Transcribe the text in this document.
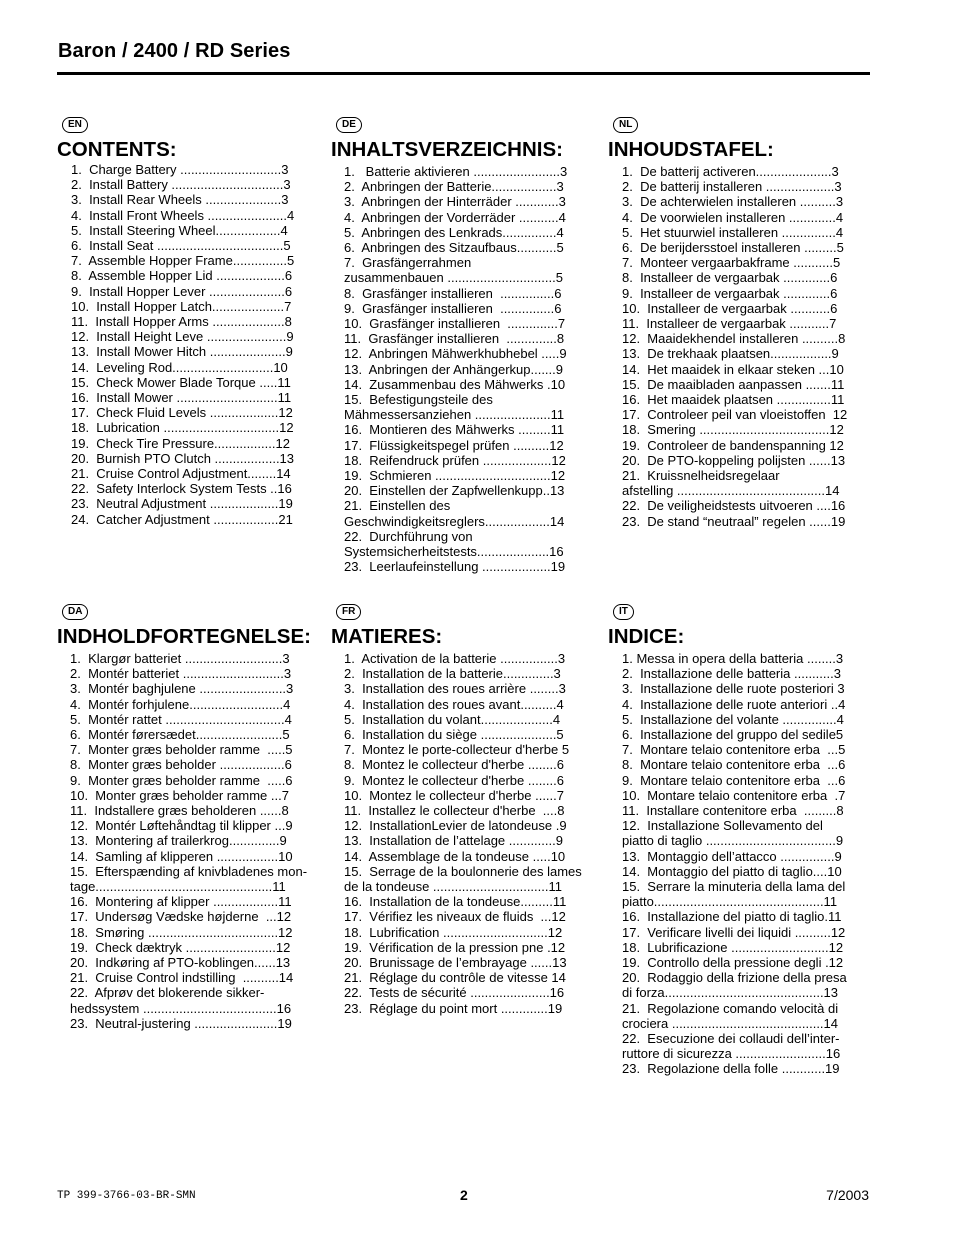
Baron / 2400 / RD Series
EN
CONTENTS:
1.  Charge Battery ............................3
2.  Install Battery ...............................3
3.  Install Rear Wheels .....................3
4.  Install Front Wheels ......................4
5.  Install Steering Wheel..................4
6.  Install Seat ...................................5
7.  Assemble Hopper Frame...............5
8.  Assemble Hopper Lid ...................6
9.  Install Hopper Lever .....................6
10.  Install Hopper Latch....................7
11.  Install Hopper Arms ....................8
12.  Install Height Leve ......................9
13.  Install Mower Hitch .....................9
14.  Leveling Rod............................10
15.  Check Mower Blade Torque .....11
16.  Install Mower ............................11
17.  Check Fluid Levels ...................12
18.  Lubrication ................................12
19.  Check Tire Pressure.................12
20.  Burnish PTO Clutch ..................13
21.  Cruise Control Adjustment........14
22.  Safety Interlock System Tests ..16
23.  Neutral Adjustment ...................19
24.  Catcher Adjustment ..................21
DE
INHALTSVERZEICHNIS:
1.   Batterie aktivieren ........................3
2.  Anbringen der Batterie..................3
3.  Anbringen der Hinterräder ............3
4.  Anbringen der Vorderräder ...........4
5.  Anbringen des Lenkrads...............4
6.  Anbringen des Sitzaufbaus...........5
7.  Grasfängerrahmen
zusammenbauen ..............................5
8.  Grasfänger installieren  ...............6
9.  Grasfänger installieren  ...............6
10.  Grasfänger installieren  ..............7
11.  Grasfänger installieren  ..............8
12.  Anbringen Mähwerkhubhebel .....9
13.  Anbringen der Anhängerkup.......9
14.  Zusammenbau des Mähwerks .10
15.  Befestigungsteile des
Mähmessersanziehen .....................11
16.  Montieren des Mähwerks .........11
17.  Flüssigkeitspegel prüfen ..........12
18.  Reifendruck prüfen ...................12
19.  Schmieren ................................12
20.  Einstellen der Zapfwellenkupp..13
21.  Einstellen des
Geschwindigkeitsreglers..................14
22.  Durchführung von
Systemsicherheitstests....................16
23.  Leerlaufeinstellung ...................19
NL
INHOUDSTAFEL:
1.  De batterij activeren.....................3
2.  De batterij installeren ...................3
3.  De achterwielen installeren ..........3
4.  De voorwielen installeren .............4
5.  Het stuurwiel installeren ...............4
6.  De berijdersstoel installeren .........5
7.  Monteer vergaarbakframe ...........5
8.  Installeer de vergaarbak .............6
9.  Installeer de vergaarbak .............6
10.  Installeer de vergaarbak ...........6
11.  Installeer de vergaarbak ...........7
12.  Maaidekhendel installeren ..........8
13.  De trekhaak plaatsen.................9
14.  Het maaidek in elkaar steken ...10
15.  De maaibladen aanpassen .......11
16.  Het maaidek plaatsen ...............11
17.  Controleer peil van vloeistoffen  12
18.  Smering ....................................12
19.  Controleer de bandenspanning 12
20.  De PTO-koppeling polijsten ......13
21.  Kruissnelheidsregelaar
afstelling .........................................14
22.  De veiligheidstests uitvoeren ....16
23.  De stand “neutraal” regelen ......19
DA
INDHOLDFORTEGNELSE:
1.  Klargør batteriet ...........................3
2.  Montér batteriet ............................3
3.  Montér baghjulene ........................3
4.  Montér forhjulene..........................4
5.  Montér rattet .................................4
6.  Montér førersædet........................5
7.  Monter græs beholder ramme  .....5
8.  Monter græs beholder ..................6
9.  Monter græs beholder ramme  .....6
10.  Monter græs beholder ramme ...7
11.  Indstallere græs beholderen ......8
12.  Montér Løftehåndtag til klipper ...9
13.  Montering af trailerkrog..............9
14.  Samling af klipperen .................10
15.  Efterspænding af knivbladenes mon-
tage.................................................11
16.  Montering af klipper ..................11
17.  Undersøg Vædske højderne  ...12
18.  Smøring ....................................12
19.  Check dæktryk .........................12
20.  Indkøring af PTO-koblingen......13
21.  Cruise Control indstilling  ..........14
22.  Afprøv det blokerende sikker-
hedssystem .....................................16
23.  Neutral-justering .......................19
FR
MATIERES:
1.  Activation de la batterie ................3
2.  Installation de la batterie..............3
3.  Installation des roues arrière ........3
4.  Installation des roues avant..........4
5.  Installation du volant....................4
6.  Installation du siège .....................5
7.  Montez le porte-collecteur d'herbe 5
8.  Montez le collecteur d'herbe ........6
9.  Montez le collecteur d'herbe ........6
10.  Montez le collecteur d'herbe ......7
11.  Installez le collecteur d'herbe  ....8
12.  InstallationLevier de latondeuse .9
13.  Installation de l’attelage .............9
14.  Assemblage de la tondeuse .....10
15.  Serrage de la boulonnerie des lames
de la tondeuse ................................11
16.  Installation de la tondeuse.........11
17.  Vérifiez les niveaux de fluids  ...12
18.  Lubrification .............................12
19.  Vérification de la pression pne .12
20.  Brunissage de l’embrayage ......13
21.  Réglage du contrôle de vitesse 14
22.  Tests de sécurité ......................16
23.  Réglage du point mort .............19
IT
INDICE:
1. Messa in opera della batteria ........3
2.  Installazione delle batteria ...........3
3.  Installazione delle ruote posteriori 3
4.  Installazione delle ruote anteriori ..4
5.  Installazione del volante ...............4
6.  Installazione del gruppo del sedile5
7.  Montare telaio contenitore erba  ...5
8.  Montare telaio contenitore erba  ...6
9.  Montare telaio contenitore erba  ...6
10.  Montare telaio contenitore erba  .7
11.  Installare contenitore erba  .........8
12.  Installazione Sollevamento del
piatto di taglio ....................................9
13.  Montaggio dell’attacco ...............9
14.  Montaggio del piatto di taglio....10
15.  Serrare la minuteria della lama del
piatto...............................................11
16.  Installazione del piatto di taglio.11
17.  Verificare livelli dei liquidi ..........12
18.  Lubrificazione ...........................12
19.  Controllo della pressione degli .12
20.  Rodaggio della frizione della presa
di forza............................................13
21.  Regolazione comando velocità di
crociera ..........................................14
22.  Esecuzione dei collaudi dell’inter-
ruttore di sicurezza .........................16
23.  Regolazione della folle ............19
TP 399-3766-03-BR-SMN	2	7/2003
